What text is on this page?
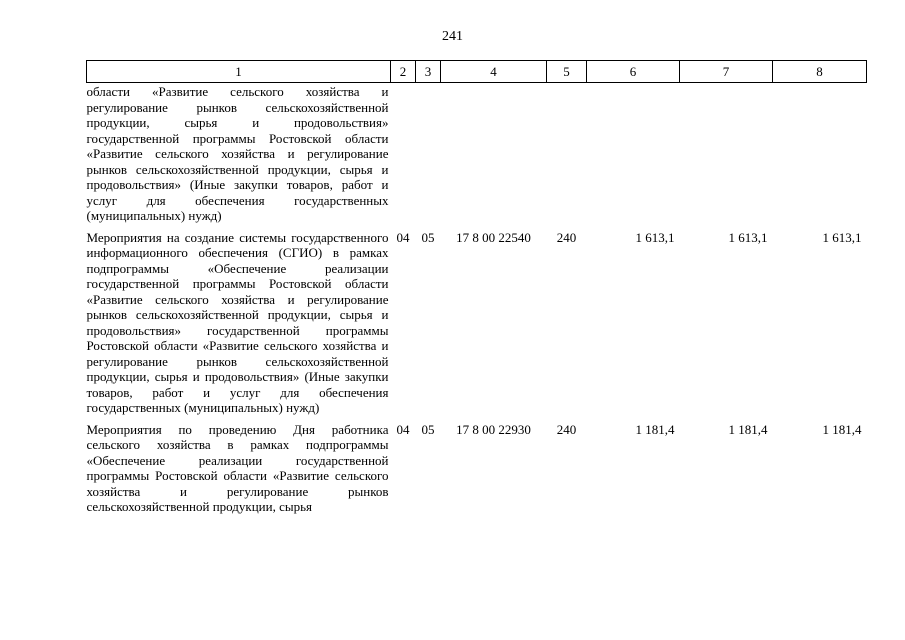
241
1	2	3	4	5	6	7	8
области «Развитие сельского хозяйства и регулирование рынков сельскохозяйственной продукции, сырья и продовольствия» государственной программы Ростовской области «Развитие сельского хозяйства и регулирование рынков сельскохозяйственной продукции, сырья и продовольствия» (Иные закупки товаров, работ и услуг для обеспечения государственных (муниципальных) нужд)							
Мероприятия на создание системы государственного информационного обеспечения (СГИО) в рамках подпрограммы «Обеспечение реализации государственной программы Ростовской области «Развитие сельского хозяйства и регулирование рынков сельскохозяйственной продукции, сырья и продовольствия» государственной программы Ростовской области «Развитие сельского хозяйства и регулирование рынков сельскохозяйственной продукции, сырья и продовольствия» (Иные закупки товаров, работ и услуг для обеспечения государственных (муниципальных) нужд)	04	05	17 8 00 22540	240	1 613,1	1 613,1	1 613,1
Мероприятия по проведению Дня работника сельского хозяйства в рамках подпрограммы «Обеспечение реализации государственной программы Ростовской области «Развитие сельского хозяйства и регулирование рынков сельскохозяйственной продукции, сырья	04	05	17 8 00 22930	240	1 181,4	1 181,4	1 181,4
